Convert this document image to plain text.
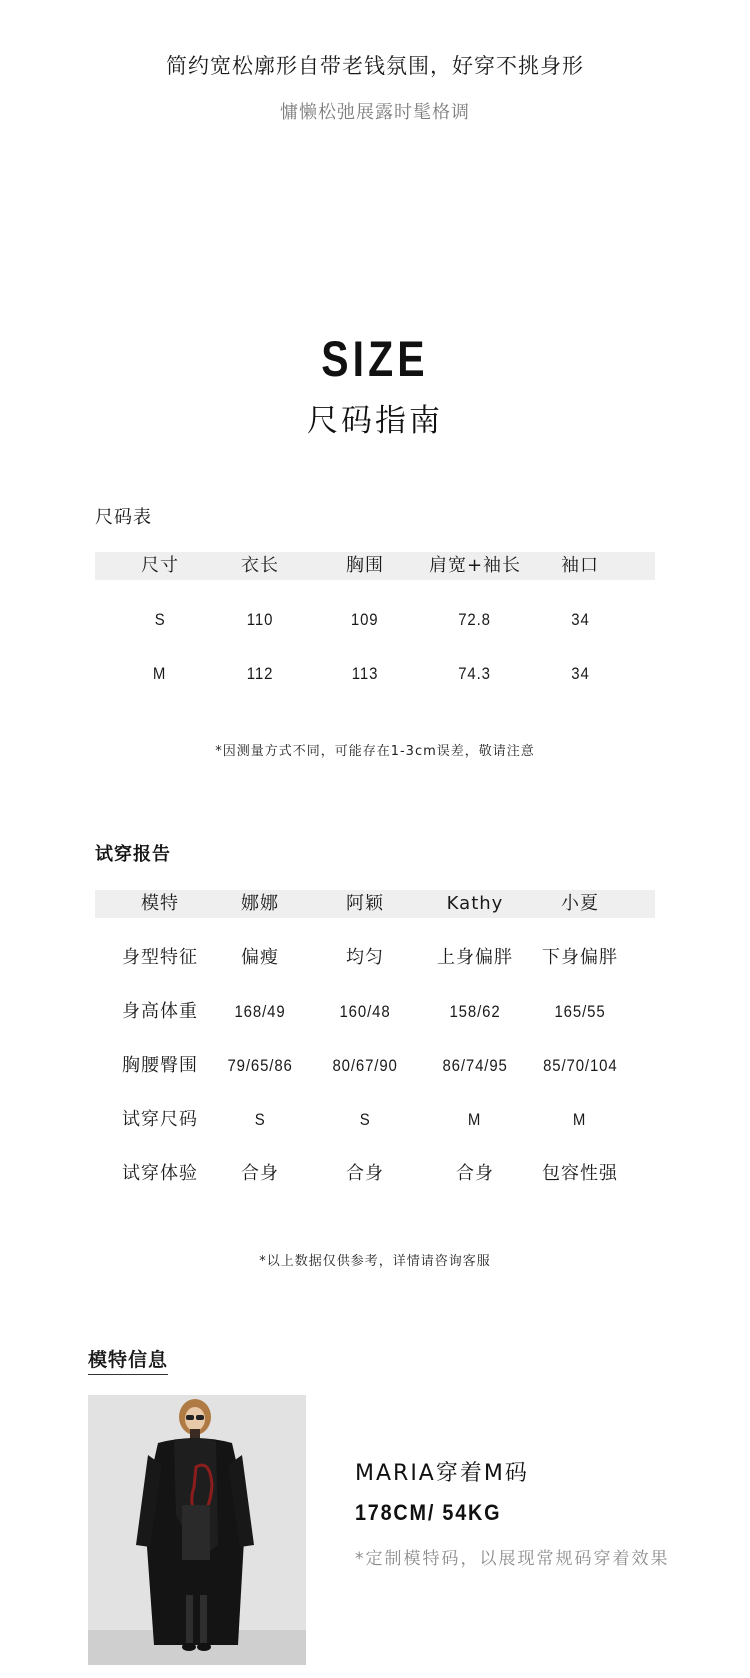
简约宽松廓形自带老钱氛围，好穿不挑身形
慵懒松弛展露时髦格调
SIZE
尺码指南
尺码表
尺寸	衣长	胸围	肩宽+袖长	袖口
S	110	109	72.8	34
M	112	113	74.3	34
*因测量方式不同，可能存在1-3cm误差，敬请注意
试穿报告
模特	娜娜	阿颖	Kathy	小夏
身型特征	偏瘦	均匀	上身偏胖	下身偏胖
身高体重	168/49	160/48	158/62	165/55
胸腰臀围	79/65/86	80/67/90	86/74/95	85/70/104
试穿尺码	S	S	M	M
试穿体验	合身	合身	合身	包容性强
*以上数据仅供参考，详情请咨询客服
模特信息
MARIA穿着M码
178CM/ 54KG
*定制模特码，以展现常规码穿着效果
